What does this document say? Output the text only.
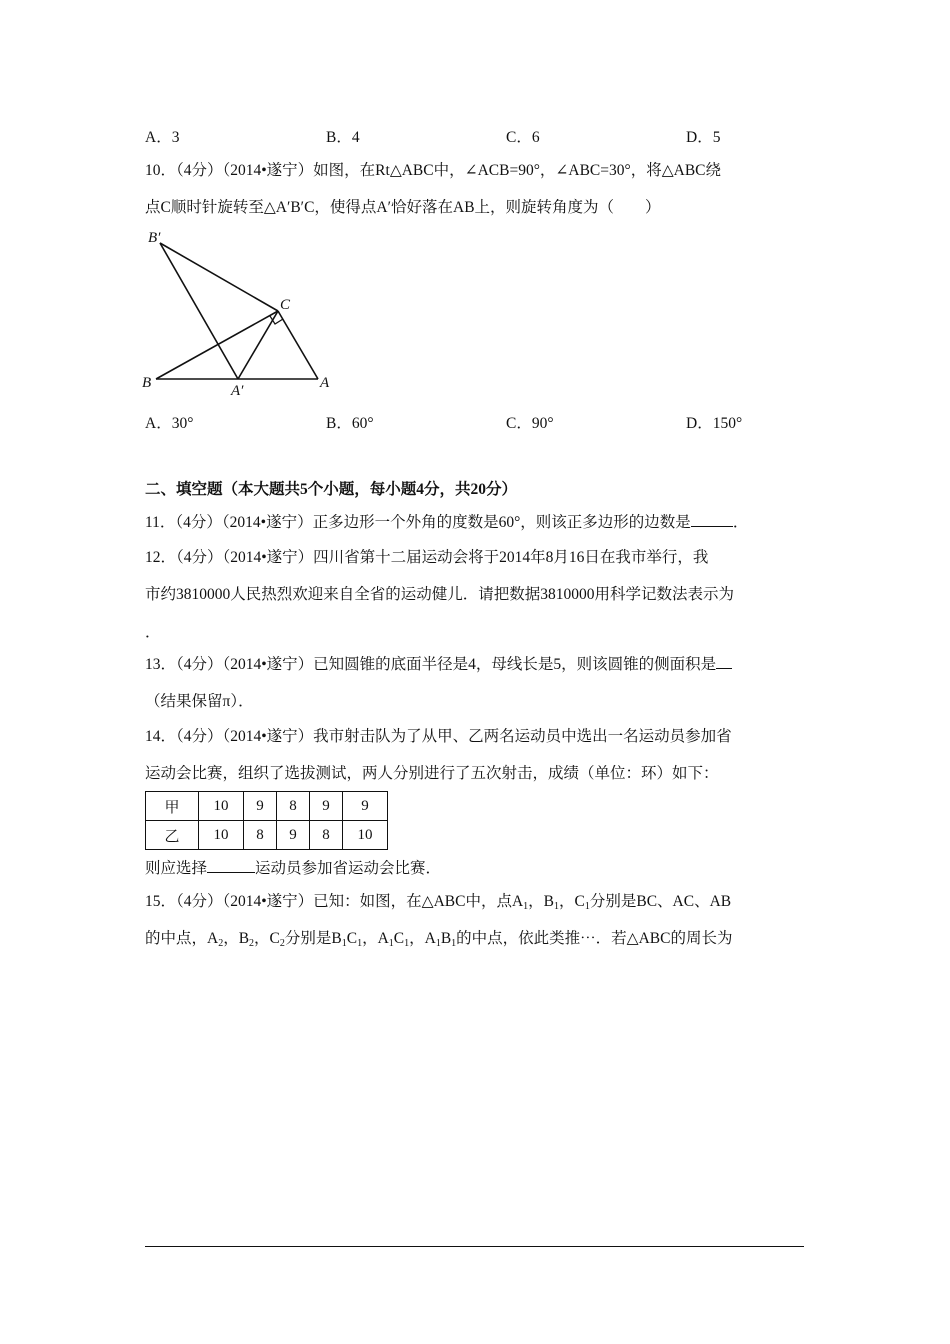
A．3	B．4	C．6	D．5
10．（4分）（2014•遂宁）如图，在Rt△ABC中，∠ACB=90°，∠ABC=30°，将△ABC绕
点C顺时针旋转至△A′B′C，使得点A′恰好落在AB上，则旋转角度为（　　）
B′
C
B	A′	A
A．30°	B．60°	C．90°	D．150°
二、填空题（本大题共5个小题，每小题4分，共20分）
11．（4分）（2014•遂宁）正多边形一个外角的度数是60°，则该正多边形的边数是	．
12．（4分）（2014•遂宁）四川省第十二届运动会将于2014年8月16日在我市举行，我
市约3810000人民热烈欢迎来自全省的运动健儿．请把数据3810000用科学记数法表示为
．
13．（4分）（2014•遂宁）已知圆锥的底面半径是4，母线长是5，则该圆锥的侧面积是
（结果保留π）．
14．（4分）（2014•遂宁）我市射击队为了从甲、乙两名运动员中选出一名运动员参加省
运动会比赛，组织了选拔测试，两人分别进行了五次射击，成绩（单位：环）如下：
甲	10	9	8	9	9
乙	10	8	9	8	10
则应选择	运动员参加省运动会比赛．
15．（4分）（2014•遂宁）已知：如图，在△ABC中，点$A_1$，$B_1$，$C_1$分别是BC、AC、AB
的中点，$A_2$，$B_2$，$C_2$分别是$B_1C_1$，$A_1C_1$，$A_1B_1$的中点，依此类推⋯．若△ABC的周长为
